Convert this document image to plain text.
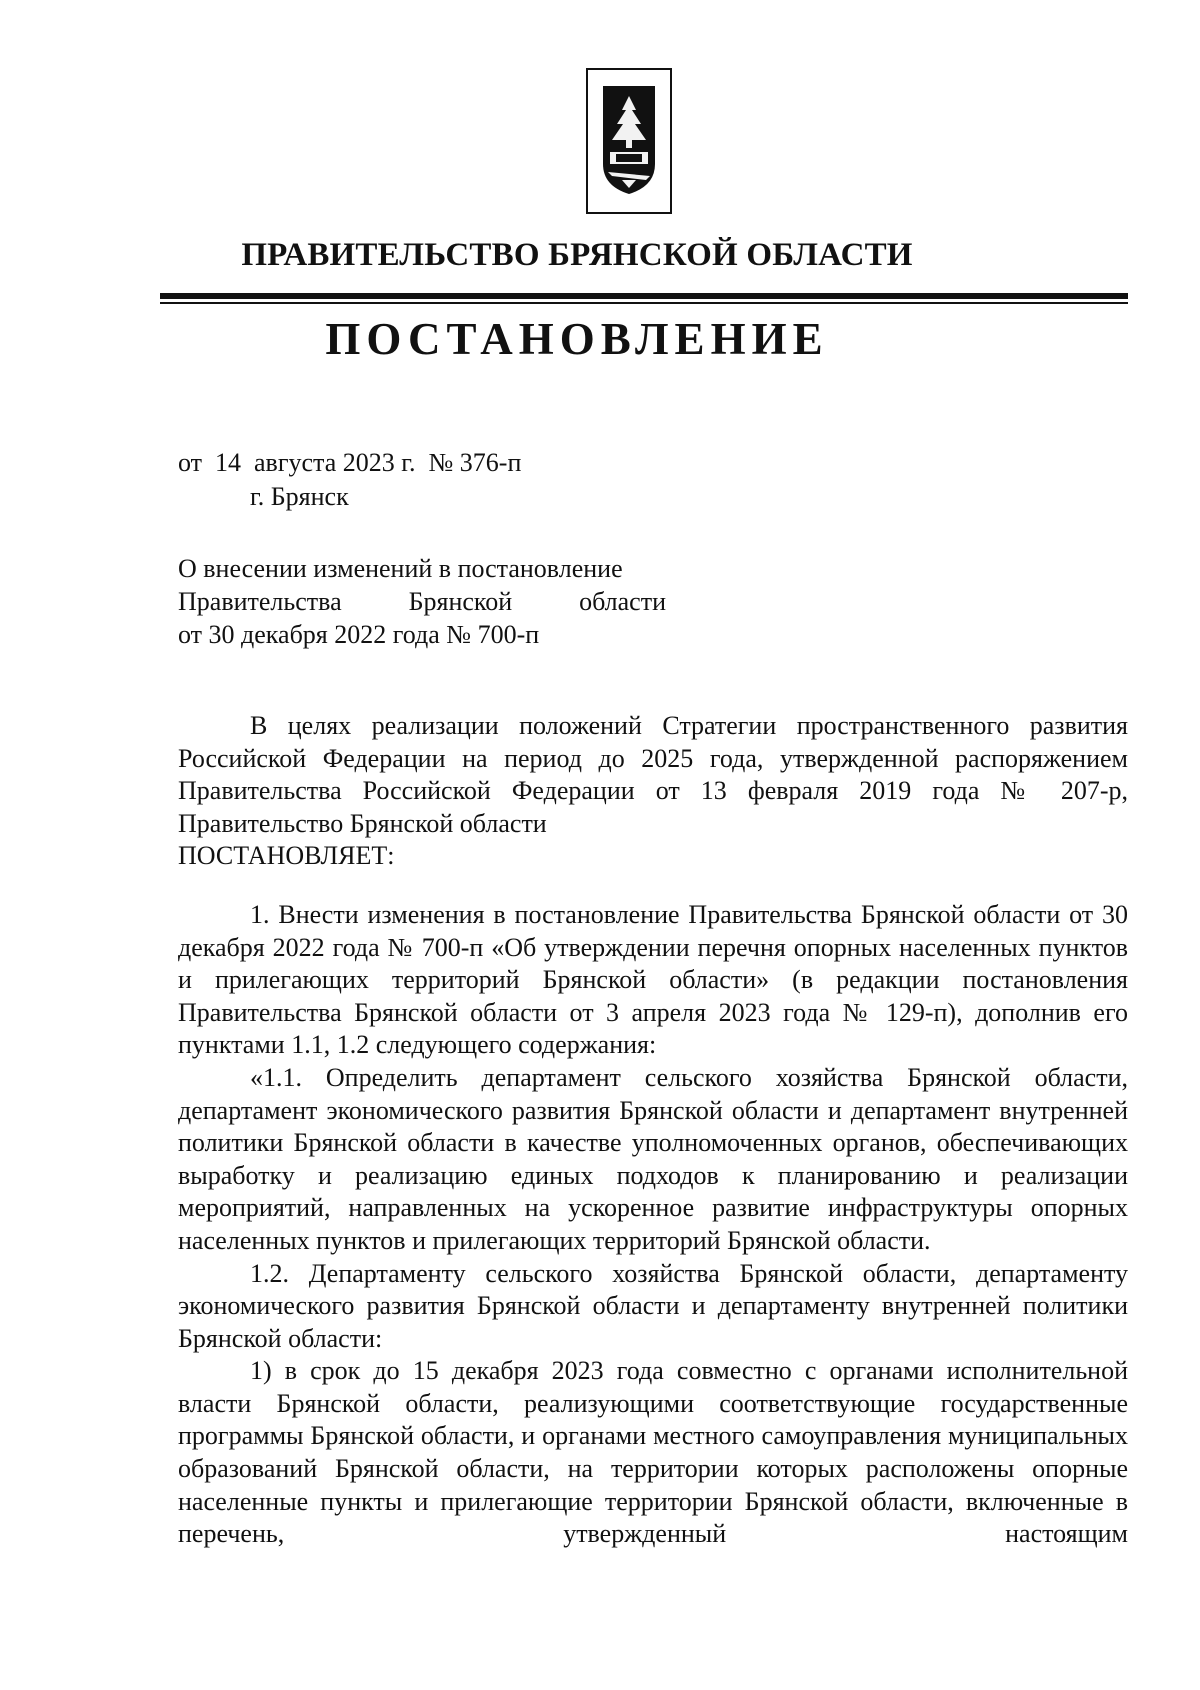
ПРАВИТЕЛЬСТВО БРЯНСКОЙ ОБЛАСТИ
ПОСТАНОВЛЕНИЕ
от  14  августа 2023 г.  № 376-п
г. Брянск
О внесении изменений в постановление
Правительства Брянской области
от 30 декабря 2022 года № 700-п

В целях реализации положений Стратегии пространственного развития Российской Федерации на период до 2025 года, утвержденной распоряжением Правительства Российской Федерации от 13 февраля 2019 года № 207-р, Правительство Брянской области

ПОСТАНОВЛЯЕТ:

1. Внести изменения в постановление Правительства Брянской области от 30 декабря 2022 года № 700-п «Об утверждении перечня опорных населенных пунктов и прилегающих территорий Брянской области» (в редакции постановления Правительства Брянской области от 3 апреля 2023 года № 129-п), дополнив его пунктами 1.1, 1.2 следующего содержания:

«1.1. Определить департамент сельского хозяйства Брянской области, департамент экономического развития Брянской области и департамент внутренней политики Брянской области в качестве уполномоченных органов, обеспечивающих выработку и реализацию единых подходов к планированию и реализации мероприятий, направленных на ускоренное развитие инфраструктуры опорных населенных пунктов и прилегающих территорий Брянской области.

1.2. Департаменту сельского хозяйства Брянской области, департаменту экономического развития Брянской области и департаменту внутренней политики Брянской области:

1) в срок до 15 декабря 2023 года совместно с органами исполнительной власти Брянской области, реализующими соответствующие государственные программы Брянской области, и органами местного самоуправления муниципальных образований Брянской области, на территории которых расположены опорные населенные пункты и прилегающие территории Брянской области, включенные в перечень, утвержденный настоящим
